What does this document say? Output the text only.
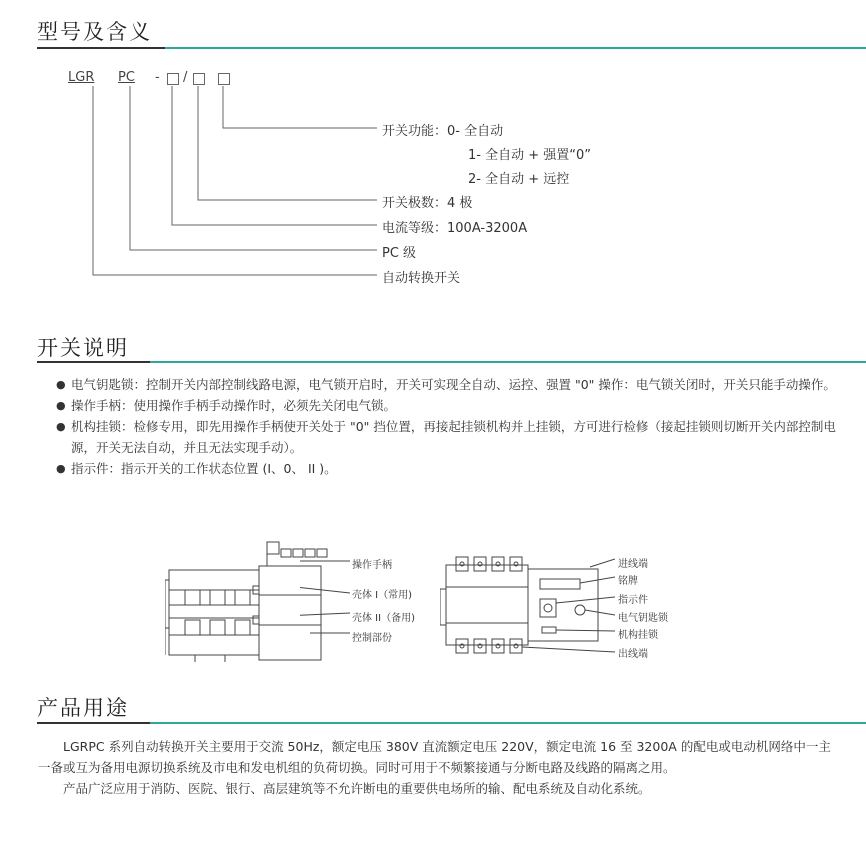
型号及含义
LGR PC - /
开关功能：0- 全自动
1- 全自动 + 强置“0”
2- 全自动 + 远控
开关极数：4 极
电流等级：100A-3200A
PC 级
自动转换开关
开关说明
● 电气钥匙锁：控制开关内部控制线路电源，电气锁开启时，开关可实现全自动、运控、强置 "0" 操作：电气锁关闭时，开关只能手动操作。
● 操作手柄：使用操作手柄手动操作时，必须先关闭电气锁。
● 机构挂锁：检修专用，即先用操作手柄使开关处于 "0" 挡位置，再接起挂锁机构并上挂锁，方可进行检修（接起挂锁则切断开关内部控制电源，开关无法自动，并且无法实现手动）。
● 指示件：指示开关的工作状态位置 (I、0、 II )。
操作手柄
壳体 I（常用)
壳体 II（备用)
控制部份
进线端
铭牌
指示件
电气钥匙锁
机构挂锁
出线端
产品用途

LGRPC 系列自动转换开关主要用于交流 50Hz，额定电压 380V 直流额定电压 220V，额定电流 16 至 3200A 的配电或电动机网络中一主一备或互为备用电源切换系统及市电和发电机组的负荷切换。同时可用于不频繁接通与分断电路及线路的隔离之用。

产品广泛应用于消防、医院、银行、高层建筑等不允许断电的重要供电场所的输、配电系统及自动化系统。
